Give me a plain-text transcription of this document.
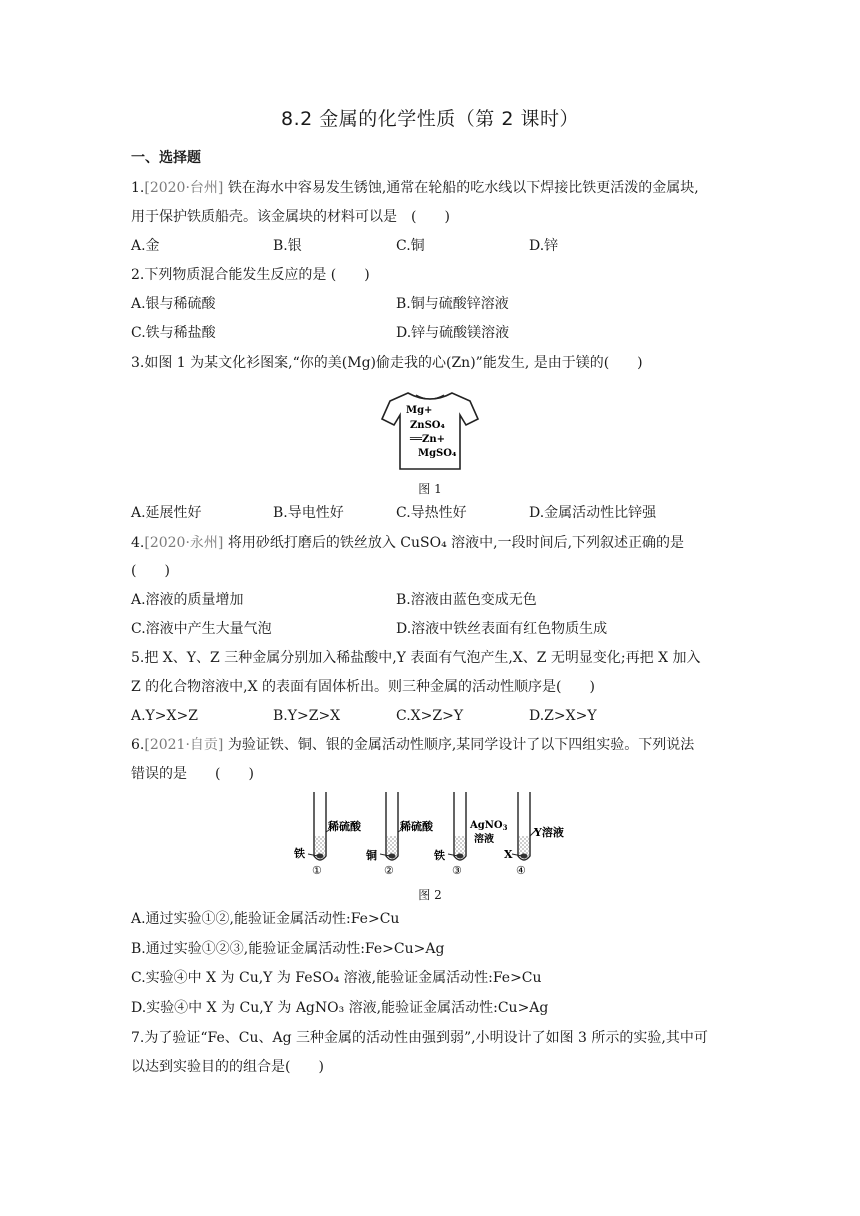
8.2 金属的化学性质（第 2 课时）
一、选择题
1.[2020·台州] 铁在海水中容易发生锈蚀,通常在轮船的吃水线以下焊接比铁更活泼的金属块,
用于保护铁质船壳。该金属块的材料可以是　(　　)
A.金	B.银	C.铜	D.锌
2.下列物质混合能发生反应的是 (　　)
A.银与稀硫酸	B.铜与硫酸锌溶液
C.铁与稀盐酸	D.锌与硫酸镁溶液
3.如图 1 为某文化衫图案,“你的美(Mg)偷走我的心(Zn)”能发生, 是由于镁的(　　)
Mg+
ZnSO₄
══Zn+
MgSO₄
图 1
A.延展性好	B.导电性好	C.导热性好	D.金属活动性比锌强
4.[2020·永州] 将用砂纸打磨后的铁丝放入 CuSO₄ 溶液中,一段时间后,下列叙述正确的是
(　　)
A.溶液的质量增加	B.溶液由蓝色变成无色
C.溶液中产生大量气泡	D.溶液中铁丝表面有红色物质生成
5.把 X、Y、Z 三种金属分别加入稀盐酸中,Y 表面有气泡产生,X、Z 无明显变化;再把 X 加入
Z 的化合物溶液中,X 的表面有固体析出。则三种金属的活动性顺序是(　　)
A.Y>X>Z	B.Y>Z>X	C.X>Z>Y	D.Z>X>Y
6.[2021·自贡] 为验证铁、铜、银的金属活动性顺序,某同学设计了以下四组实验。下列说法
错误的是　　(　　)
稀硫酸
铁
①
稀硫酸
铜
②
AgNO$_3$
溶液
铁
③
Y溶液
X
④
图 2
A.通过实验①②,能验证金属活动性:Fe>Cu
B.通过实验①②③,能验证金属活动性:Fe>Cu>Ag
C.实验④中 X 为 Cu,Y 为 FeSO₄ 溶液,能验证金属活动性:Fe>Cu
D.实验④中 X 为 Cu,Y 为 AgNO₃ 溶液,能验证金属活动性:Cu>Ag
7.为了验证“Fe、Cu、Ag 三种金属的活动性由强到弱”,小明设计了如图 3 所示的实验,其中可
以达到实验目的的组合是(　　)
